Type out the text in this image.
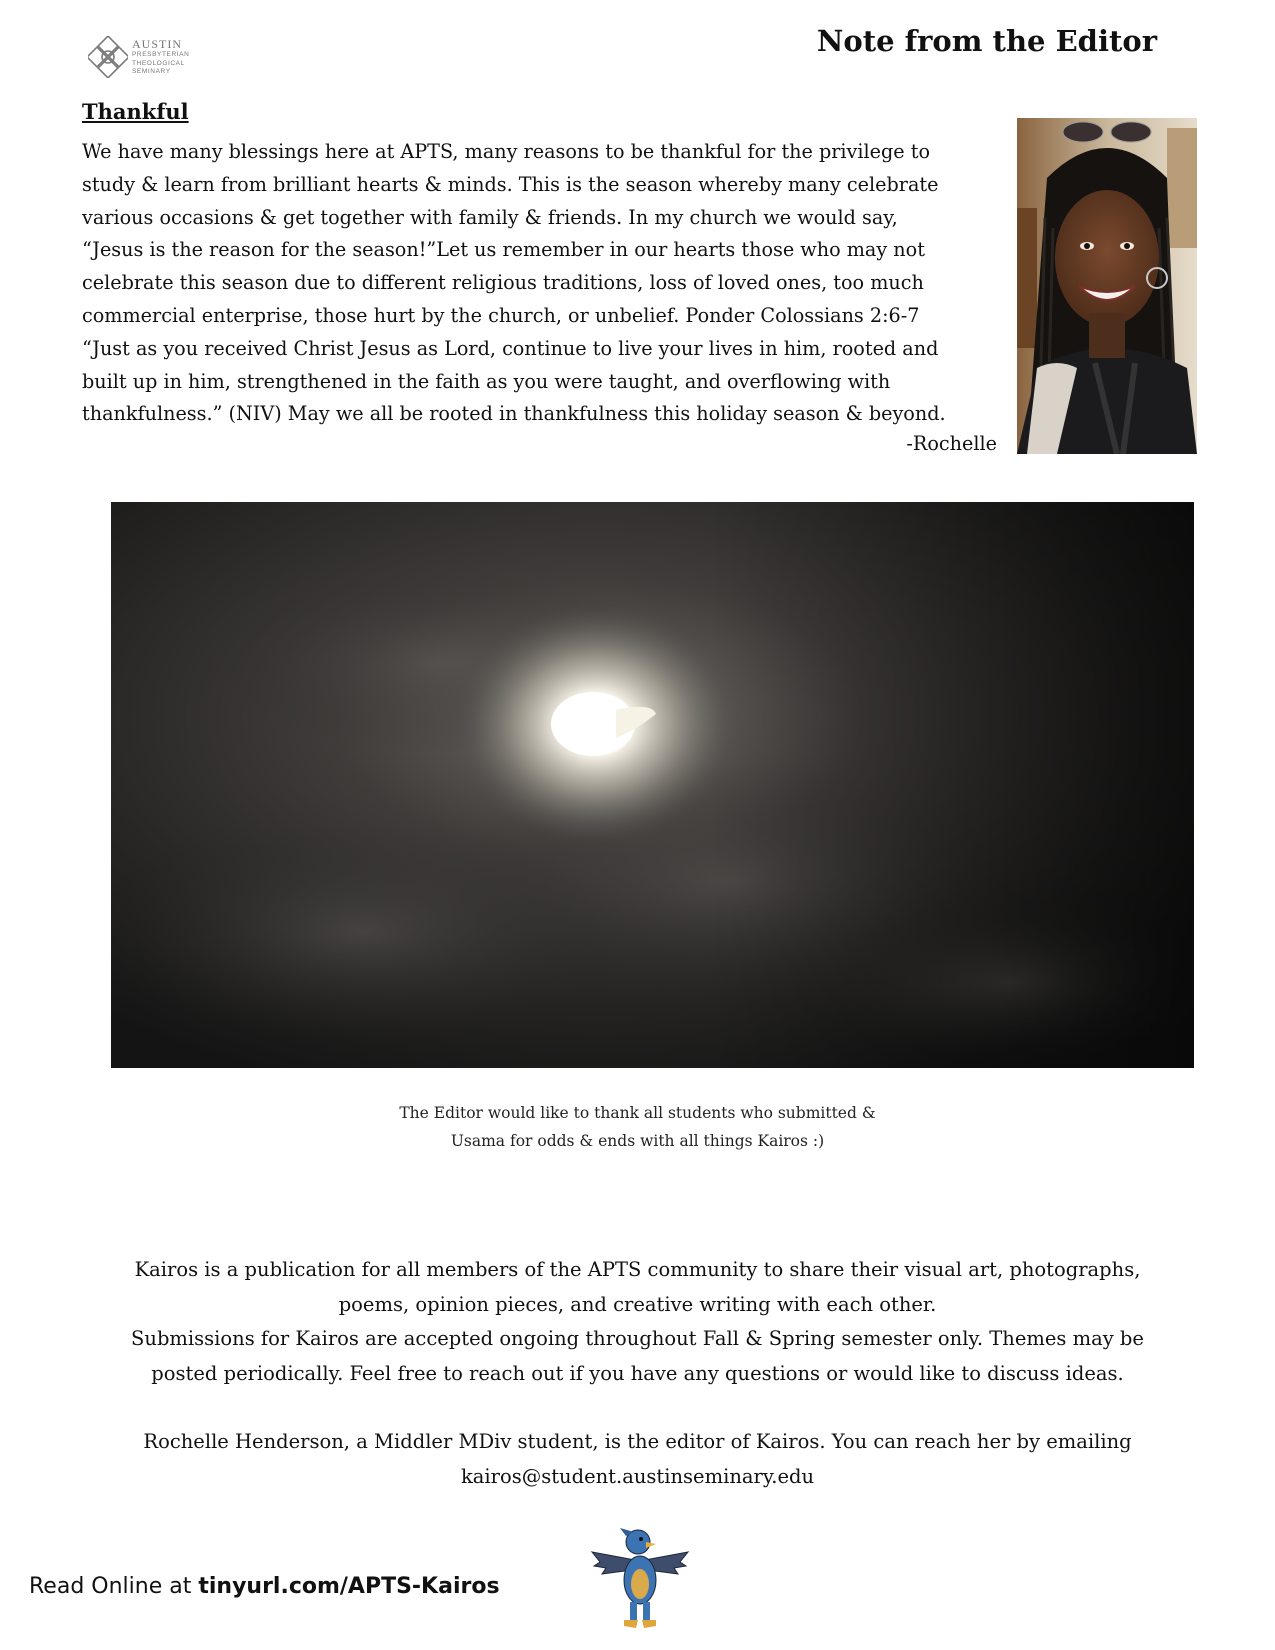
AUSTIN
PRESBYTERIAN
THEOLOGICAL
SEMINARY
Note from the Editor
Thankful

We have many blessings here at APTS, many reasons to be thankful for the privilege to
study & learn from brilliant hearts & minds. This is the season whereby many celebrate
various occasions & get together with family & friends. In my church we would say,
“Jesus is the reason for the season!”Let us remember in our hearts those who may not
celebrate this season due to different religious traditions, loss of loved ones, too much
commercial enterprise, those hurt by the church, or unbelief. Ponder Colossians 2:6-7
“Just as you received Christ Jesus as Lord, continue to live your lives in him, rooted and
built up in him, strengthened in the faith as you were taught, and overflowing with
thankfulness.” (NIV) May we all be rooted in thankfulness this holiday season & beyond.

-Rochelle

The Editor would like to thank all students who submitted &
Usama for odds & ends with all things Kairos :)

Kairos is a publication for all members of the APTS community to share their visual art, photographs,

poems, opinion pieces, and creative writing with each other.

Submissions for Kairos are accepted ongoing throughout Fall & Spring semester only. Themes may be

posted periodically. Feel free to reach out if you have any questions or would like to discuss ideas.

Rochelle Henderson, a Middler MDiv student, is the editor of Kairos. You can reach her by emailing

kairos@student.austinseminary.edu

Read Online at tinyurl.com/APTS-Kairos
